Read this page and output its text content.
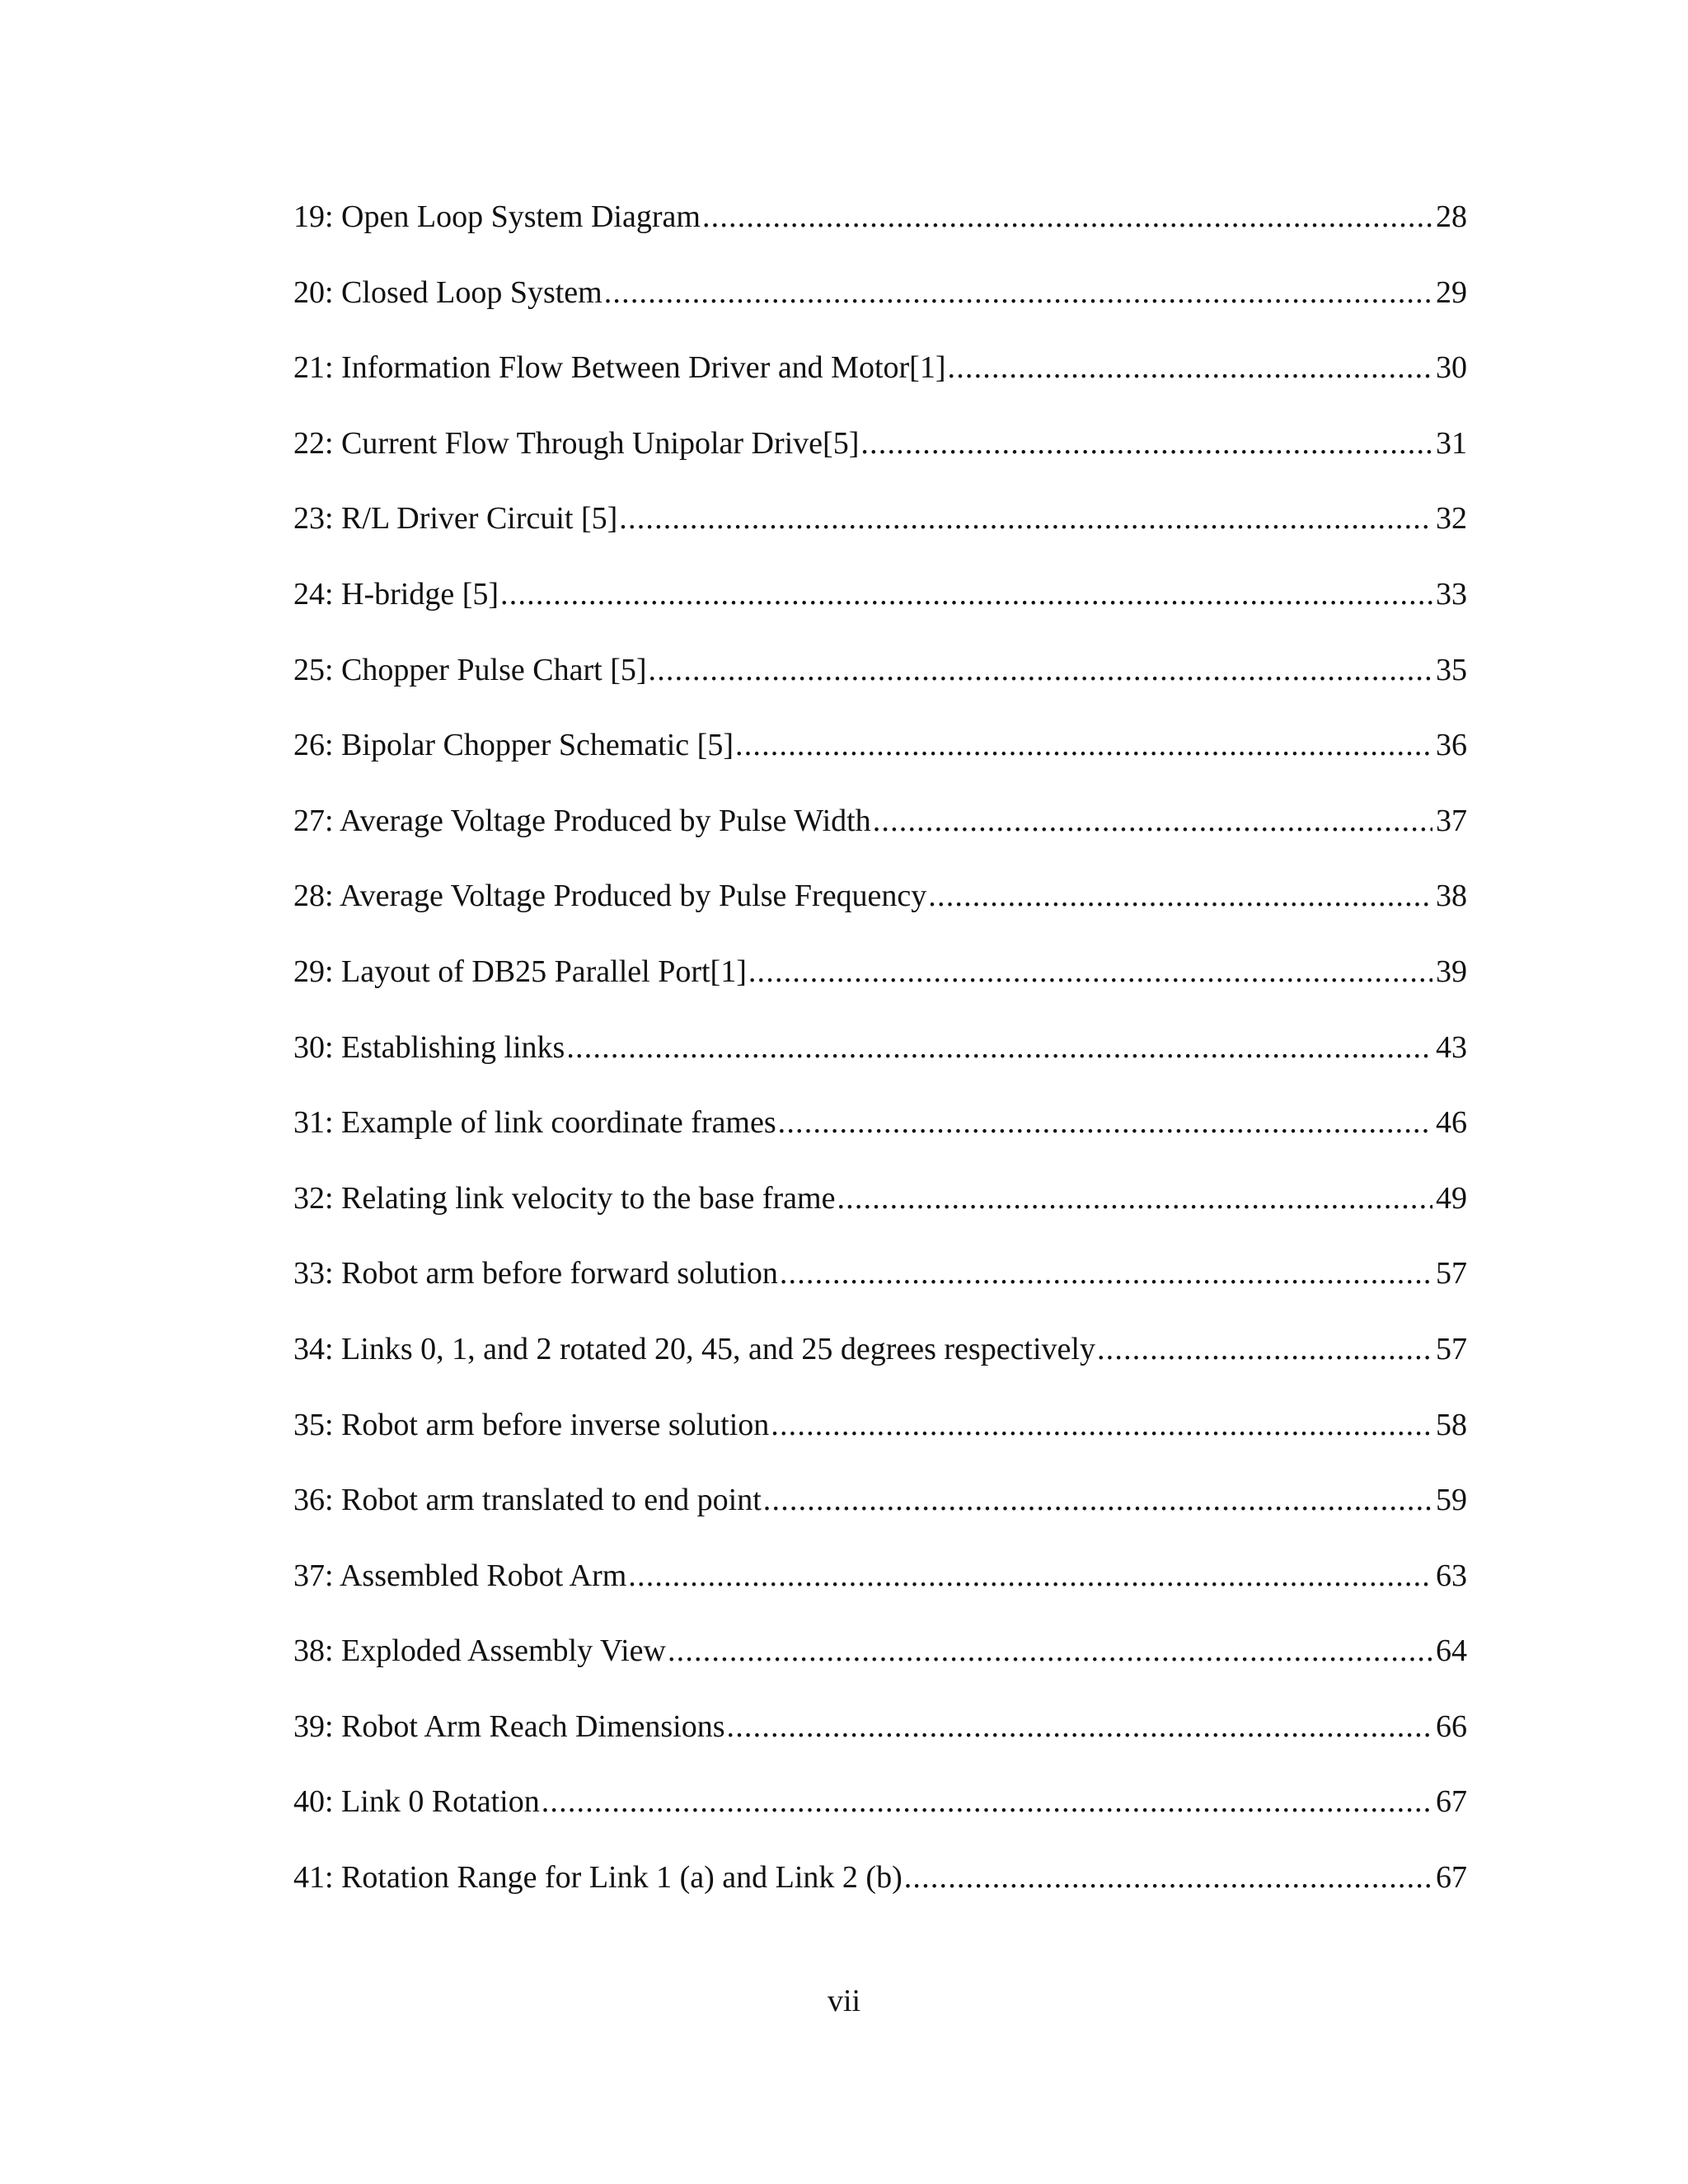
19: Open Loop System Diagram .....	28
20: Closed Loop System .....	29
21: Information Flow Between Driver and Motor[1] .....	30
22: Current Flow Through Unipolar Drive[5] .....	31
23: R/L Driver Circuit [5] .....	32
24: H-bridge [5] .....	33
25: Chopper Pulse Chart [5] .....	35
26: Bipolar Chopper Schematic [5] .....	36
27: Average Voltage Produced by Pulse Width .....	37
28: Average Voltage Produced by Pulse Frequency .....	38
29: Layout of DB25 Parallel Port[1] .....	39
30: Establishing links .....	43
31: Example of link coordinate frames .....	46
32: Relating link velocity to the base frame .....	49
33: Robot arm before forward solution .....	57
34: Links 0, 1, and 2 rotated 20, 45, and 25 degrees respectively .....	57
35: Robot arm before inverse solution .....	58
36: Robot arm translated to end point .....	59
37: Assembled Robot Arm .....	63
38: Exploded Assembly View .....	64
39: Robot Arm Reach Dimensions .....	66
40: Link 0 Rotation .....	67
41: Rotation Range for Link 1 (a) and Link 2 (b) .....	67
vii
